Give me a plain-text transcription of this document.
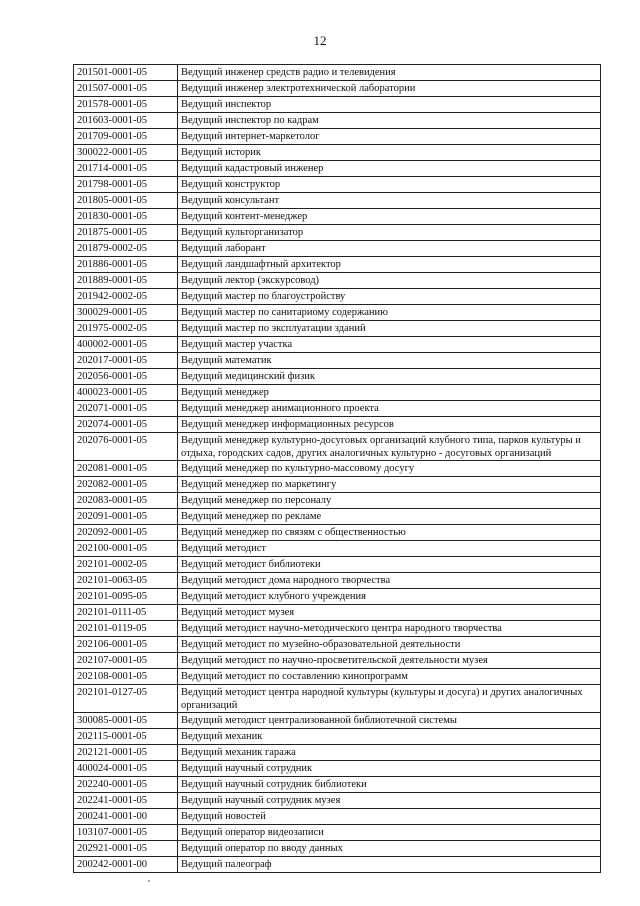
12
201501-0001-05	Ведущий инженер средств радио и телевидения
201507-0001-05	Ведущий инженер электротехнической лаборатории
201578-0001-05	Ведущий инспектор
201603-0001-05	Ведущий инспектор по кадрам
201709-0001-05	Ведущий интернет-маркетолог
300022-0001-05	Ведущий историк
201714-0001-05	Ведущий кадастровый инженер
201798-0001-05	Ведущий конструктор
201805-0001-05	Ведущий консультант
201830-0001-05	Ведущий контент-менеджер
201875-0001-05	Ведущий культорганизатор
201879-0002-05	Ведущий лаборант
201886-0001-05	Ведущий ландшафтный архитектор
201889-0001-05	Ведущий лектор (экскурсовод)
201942-0002-05	Ведущий мастер по благоустройству
300029-0001-05	Ведущий мастер по санитариому содержанию
201975-0002-05	Ведущий мастер по эксплуатации зданий
400002-0001-05	Ведущий мастер участка
202017-0001-05	Ведущий математик
202056-0001-05	Ведущий медицинский физик
400023-0001-05	Ведущий менеджер
202071-0001-05	Ведущий менеджер анимационного проекта
202074-0001-05	Ведущий менеджер информационных ресурсов
202076-0001-05	Ведущий менеджер культурно-досуговых организаций клубного типа, парков культуры и отдыха, городских садов, других аналогичных культурно - досуговых организаций
202081-0001-05	Ведущий менеджер по культурно-массовому досугу
202082-0001-05	Ведущий менеджер по маркетингу
202083-0001-05	Ведущий менеджер по персоналу
202091-0001-05	Ведущий менеджер по рекламе
202092-0001-05	Ведущий менеджер по связям с общественностью
202100-0001-05	Ведущий методист
202101-0002-05	Ведущий методист библиотеки
202101-0063-05	Ведущий методист дома народного творчества
202101-0095-05	Ведущий методист клубного учреждения
202101-0111-05	Ведущий методист музея
202101-0119-05	Ведущий методист научно-методического центра народного творчества
202106-0001-05	Ведущий методист по музейно-образовательной деятельности
202107-0001-05	Ведущий методист по научно-просветительской деятельности музея
202108-0001-05	Ведущий методист по составлению кинопрограмм
202101-0127-05	Ведущий методист центра народной культуры (культуры и досуга) и других аналогичных организаций
300085-0001-05	Ведущий методист централизованной библиотечной системы
202115-0001-05	Ведущий механик
202121-0001-05	Ведущий механик гаража
400024-0001-05	Ведущий научный сотрудник
202240-0001-05	Ведущий научный сотрудник библиотеки
202241-0001-05	Ведущий научный сотрудник музея
200241-0001-00	Ведущий новостей
103107-0001-05	Ведущий оператор видеозаписи
202921-0001-05	Ведущий оператор по вводу данных
200242-0001-00	Ведущий палеограф
